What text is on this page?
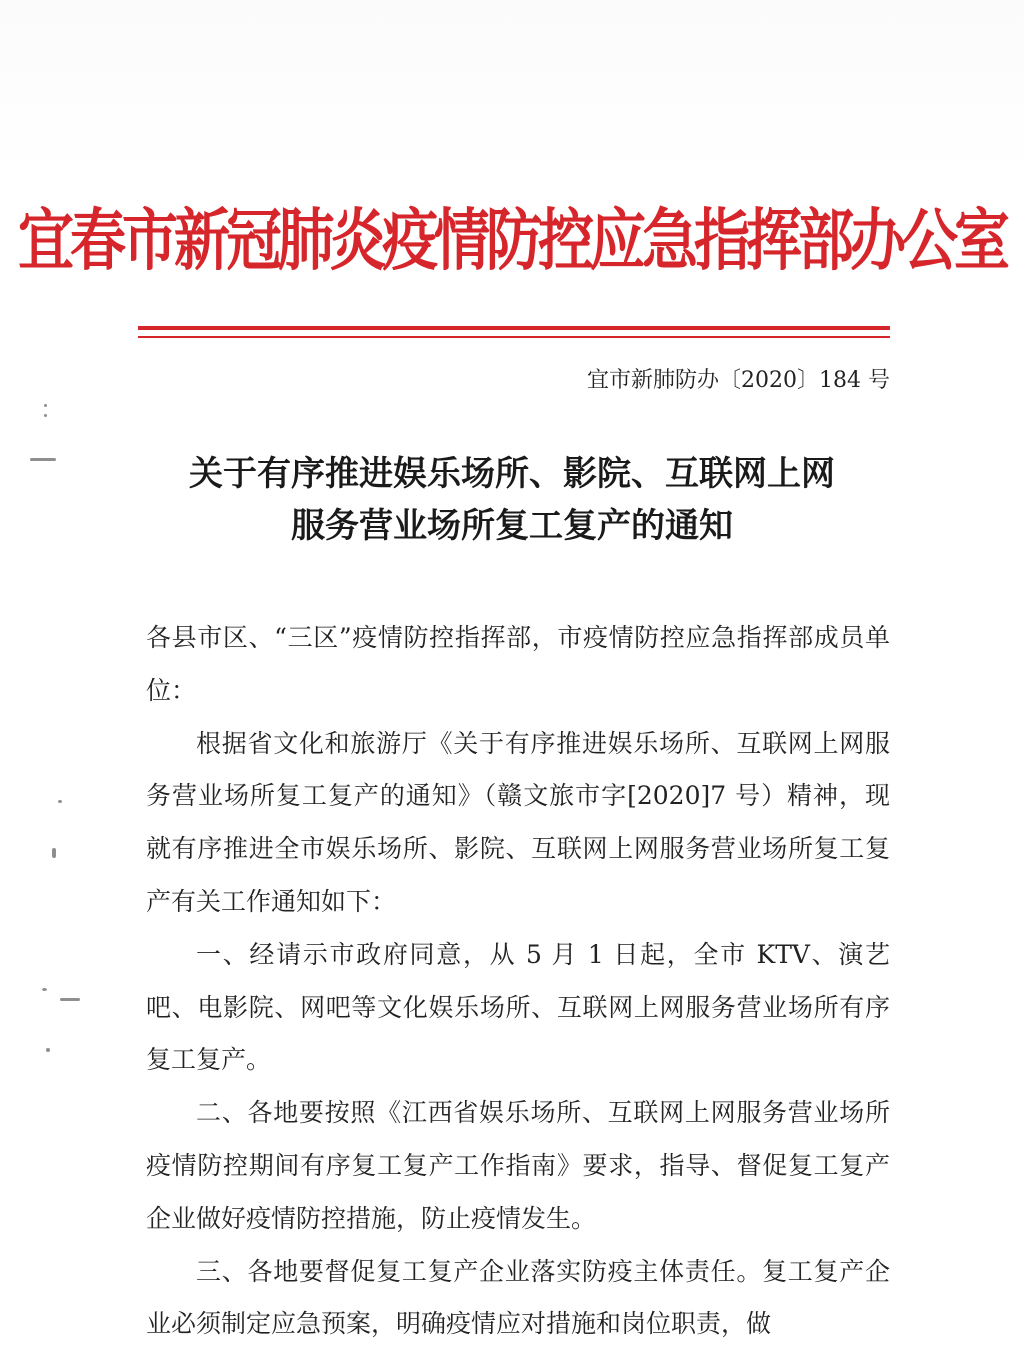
宜春市新冠肺炎疫情防控应急指挥部办公室
宜市新肺防办〔2020〕184 号
关于有序推进娱乐场所、影院、互联网上网
服务营业场所复工复产的通知

各县市区、“三区”疫情防控指挥部，市疫情防控应急指挥部成员单位：

根据省文化和旅游厅《关于有序推进娱乐场所、互联网上网服务营业场所复工复产的通知》（赣文旅市字[2020]7 号）精神，现就有序推进全市娱乐场所、影院、互联网上网服务营业场所复工复产有关工作通知如下：

一、经请示市政府同意，从 5 月 1 日起，全市 KTV、演艺吧、电影院、网吧等文化娱乐场所、互联网上网服务营业场所有序复工复产。

二、各地要按照《江西省娱乐场所、互联网上网服务营业场所疫情防控期间有序复工复产工作指南》要求，指导、督促复工复产企业做好疫情防控措施，防止疫情发生。

三、各地要督促复工复产企业落实防疫主体责任。复工复产企业必须制定应急预案，明确疫情应对措施和岗位职责，做
